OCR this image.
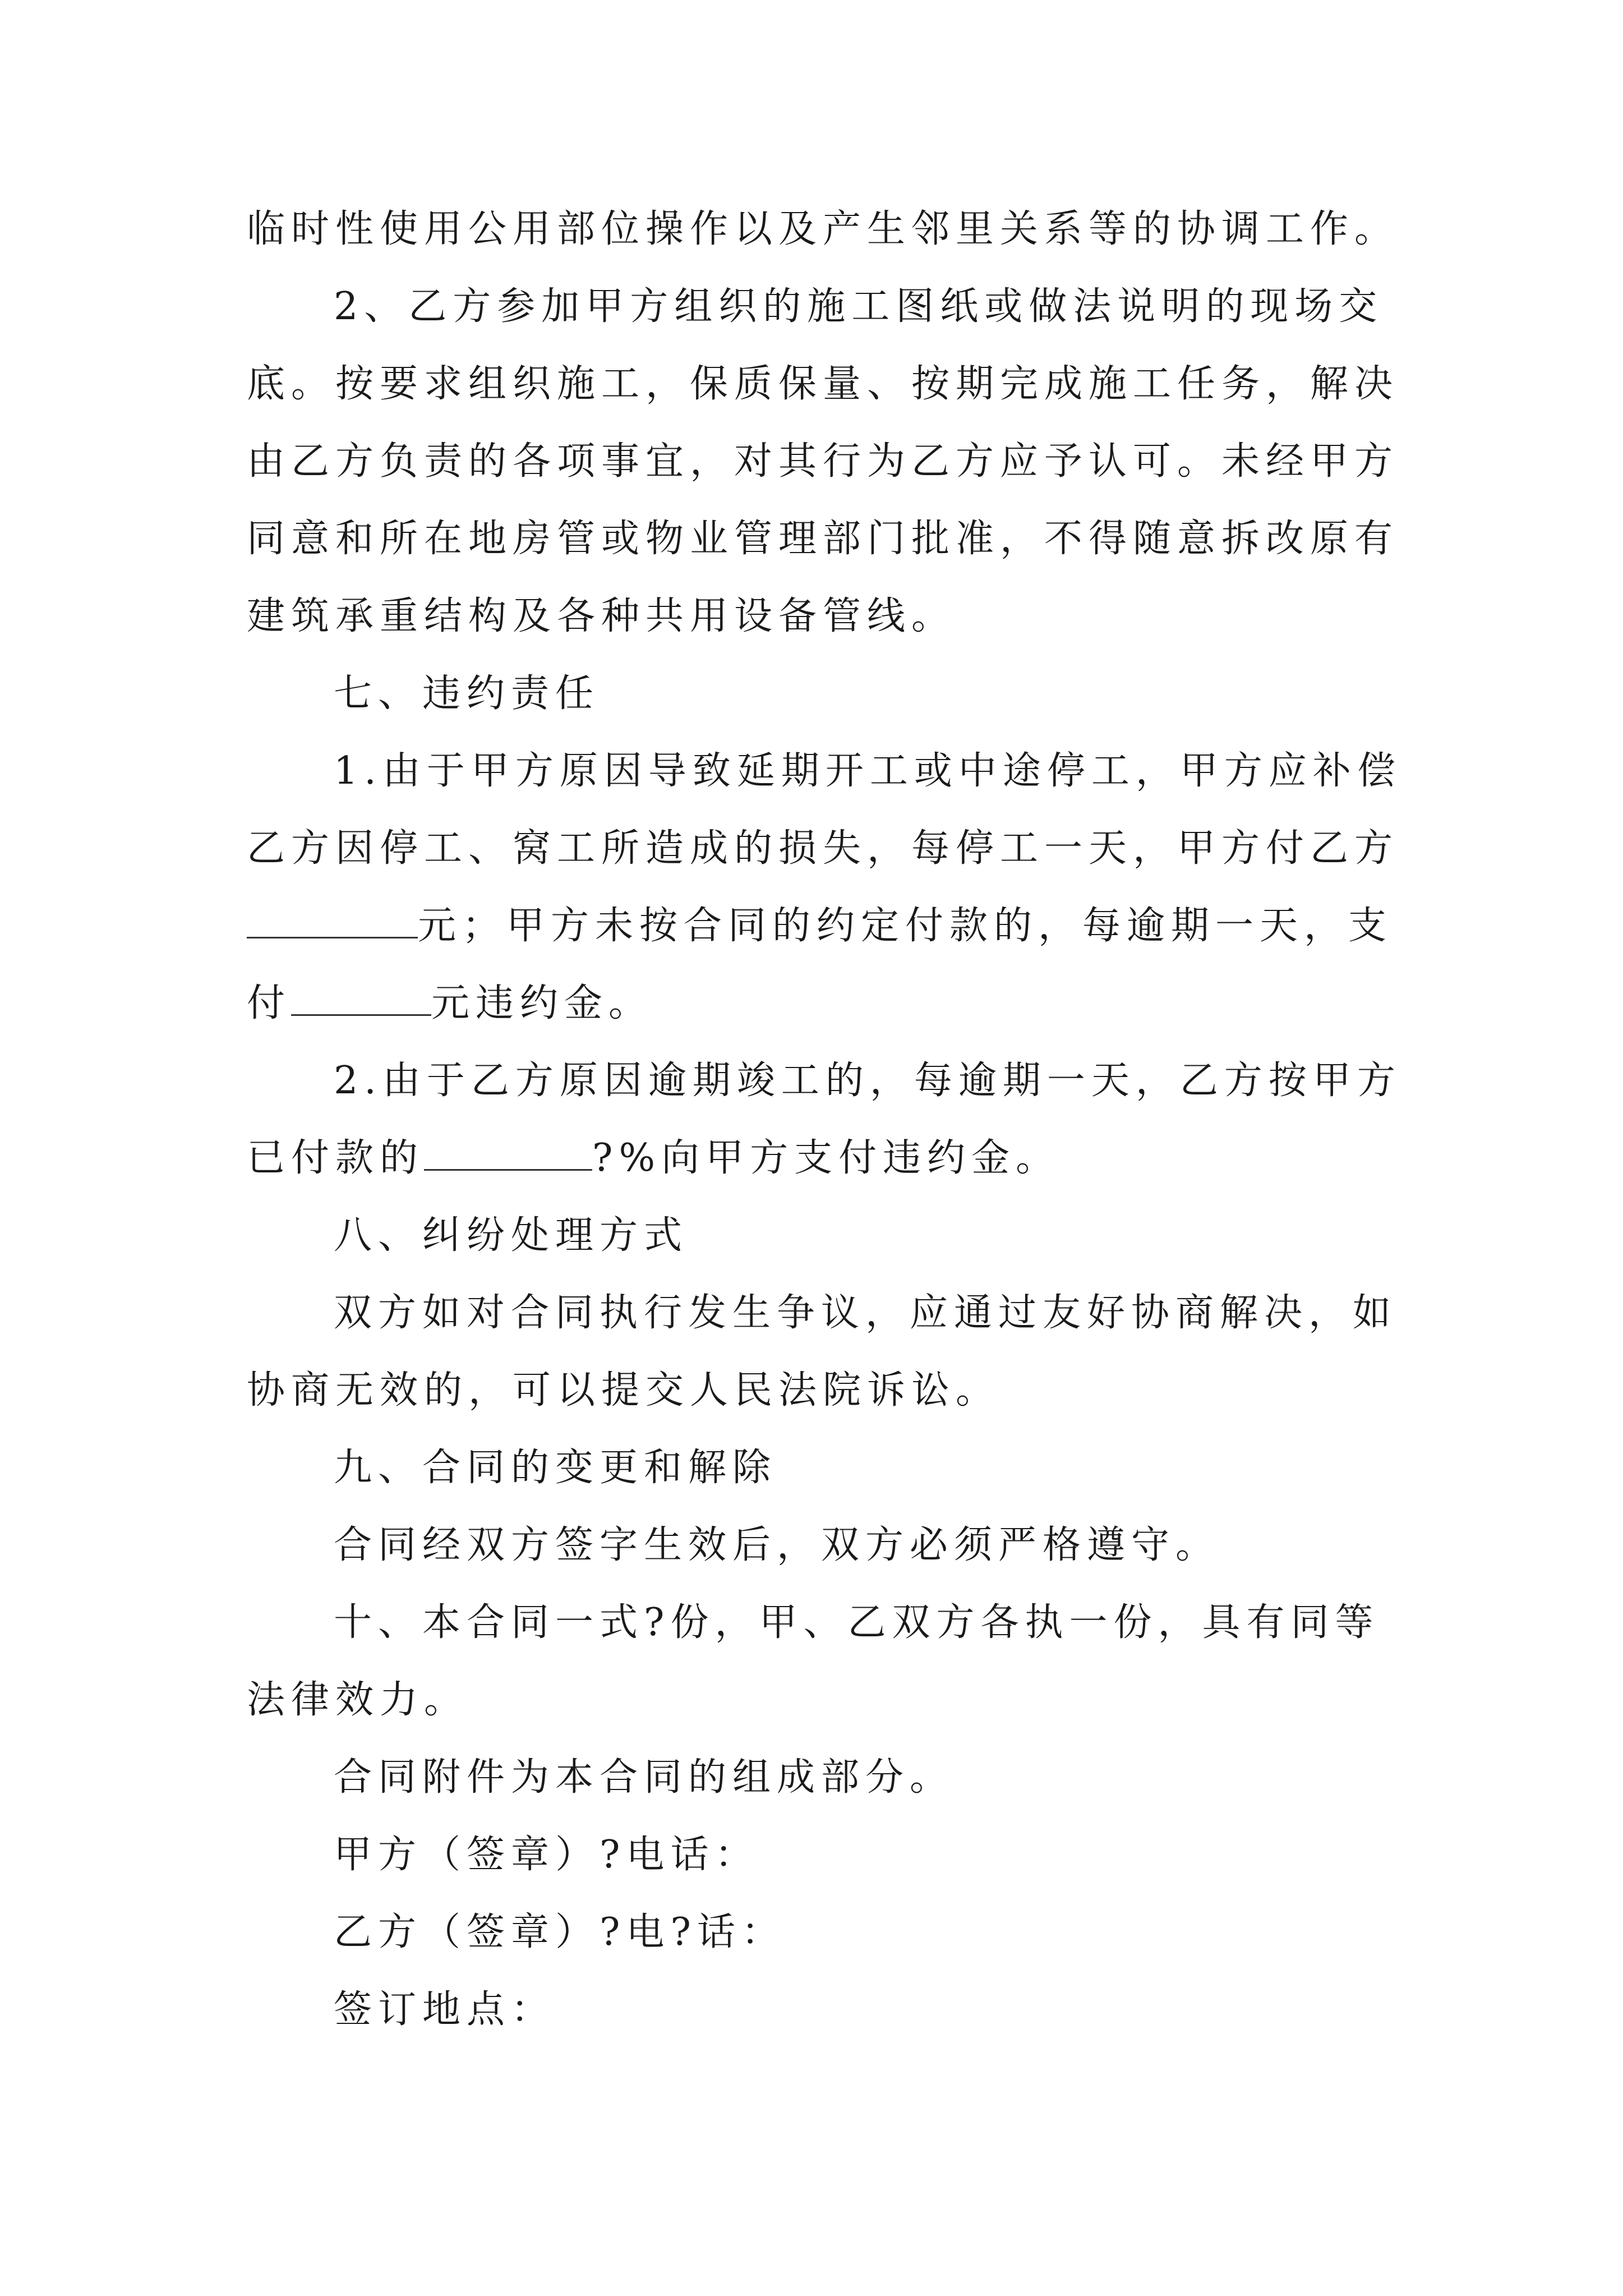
临时性使用公用部位操作以及产生邻里关系等的协调工作。
2、乙方参加甲方组织的施工图纸或做法说明的现场交
底。按要求组织施工，保质保量、按期完成施工任务，解决
由乙方负责的各项事宜，对其行为乙方应予认可。未经甲方
同意和所在地房管或物业管理部门批准，不得随意拆改原有
建筑承重结构及各种共用设备管线。
七、违约责任
1.由于甲方原因导致延期开工或中途停工，甲方应补偿
乙方因停工、窝工所造成的损失，每停工一天，甲方付乙方
元；甲方未按合同的约定付款的，每逾期一天，支
付	元违约金。
2.由于乙方原因逾期竣工的，每逾期一天，乙方按甲方
已付款的	?%向甲方支付违约金。
八、纠纷处理方式
双方如对合同执行发生争议，应通过友好协商解决，如
协商无效的，可以提交人民法院诉讼。
九、合同的变更和解除
合同经双方签字生效后，双方必须严格遵守。
十、本合同一式?份，甲、乙双方各执一份，具有同等
法律效力。
合同附件为本合同的组成部分。
甲方（签章）?电话：
乙方（签章）?电?话：
签订地点：
